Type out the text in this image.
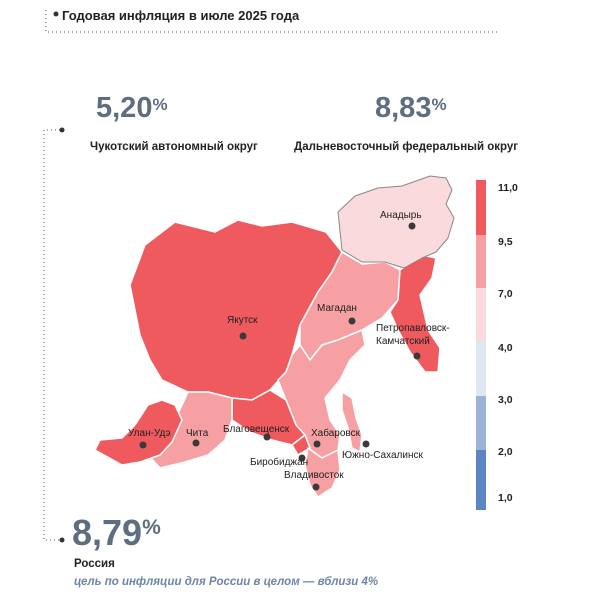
Годовая инфляция в июле 2025 года
5,20%
Чукотский автономный округ
8,83%
Дальневосточный федеральный округ
Анадырь
Магадан
Якутск
Петропавловск-
Камчатский
Улан-Удэ Чита Благовещенск Хабаровск
Южно-Сахалинск
Биробиджан
Владивосток
11,0
9,5
7,0
4,0
3,0
2,0
1,0
8,79%
Россия
цель по инфляции для России в целом — вблизи 4%
